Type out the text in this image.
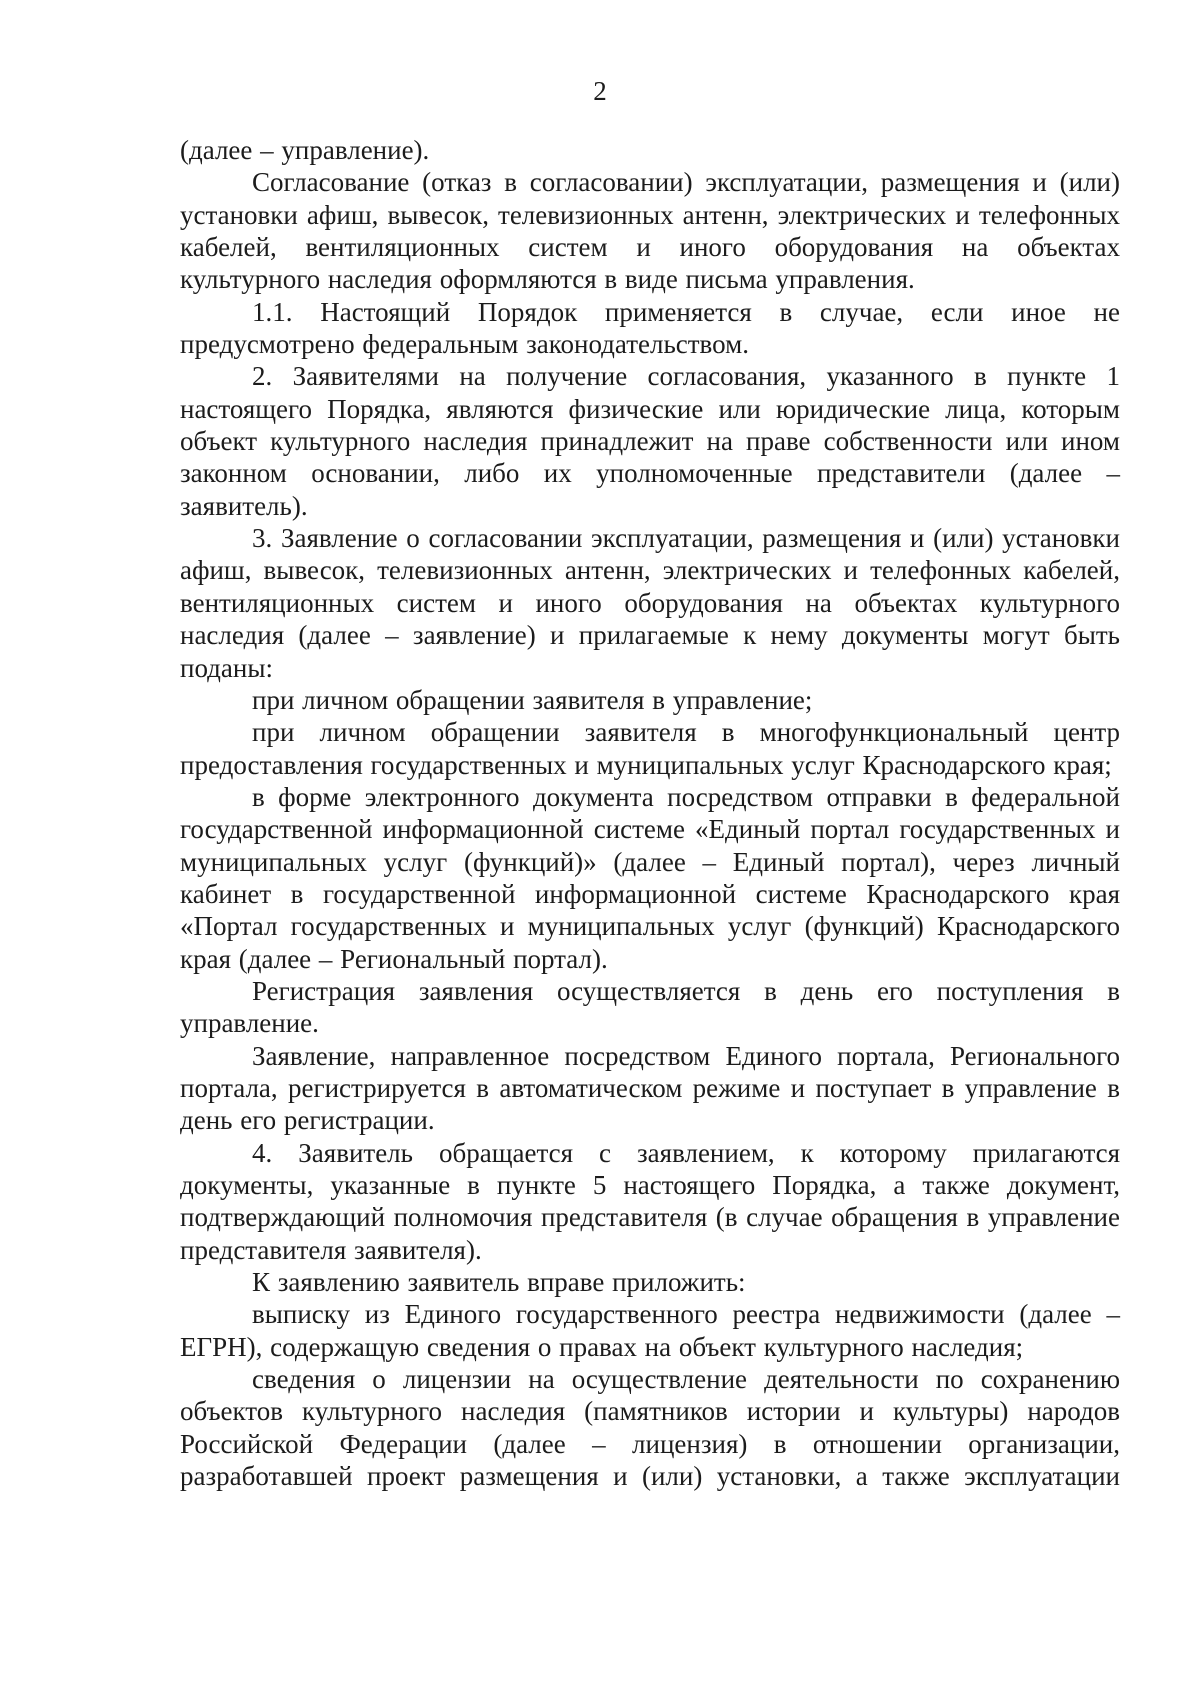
2

(далее – управление).

Согласование (отказ в согласовании) эксплуатации, размещения и (или) установки афиш, вывесок, телевизионных антенн, электрических и телефонных кабелей, вентиляционных систем и иного оборудования на объектах культурного наследия оформляются в виде письма управления.

1.1. Настоящий Порядок применяется в случае, если иное не предусмотрено федеральным законодательством.

2. Заявителями на получение согласования, указанного в пункте 1 настоящего Порядка, являются физические или юридические лица, которым объект культурного наследия принадлежит на праве собственности или ином законном основании, либо их уполномоченные представители (далее – заявитель).

3. Заявление о согласовании эксплуатации, размещения и (или) установки афиш, вывесок, телевизионных антенн, электрических и телефонных кабелей, вентиляционных систем и иного оборудования на объектах культурного наследия (далее – заявление) и прилагаемые к нему документы могут быть поданы:

при личном обращении заявителя в управление;

при личном обращении заявителя в многофункциональный центр предоставления государственных и муниципальных услуг Краснодарского края;

в форме электронного документа посредством отправки в федеральной государственной информационной системе «Единый портал государственных и муниципальных услуг (функций)» (далее – Единый портал), через личный кабинет в государственной информационной системе Краснодарского края «Портал государственных и муниципальных услуг (функций) Краснодарского края (далее – Региональный портал).

Регистрация заявления осуществляется в день его поступления в управление.

Заявление, направленное посредством Единого портала, Регионального портала, регистрируется в автоматическом режиме и поступает в управление в день его регистрации.

4. Заявитель обращается с заявлением, к которому прилагаются документы, указанные в пункте 5 настоящего Порядка, а также документ, подтверждающий полномочия представителя (в случае обращения в управление представителя заявителя).

К заявлению заявитель вправе приложить:

выписку из Единого государственного реестра недвижимости (далее – ЕГРН), содержащую сведения о правах на объект культурного наследия;

сведения о лицензии на осуществление деятельности по сохранению объектов культурного наследия (памятников истории и культуры) народов Российской Федерации (далее – лицензия) в отношении организации, разработавшей проект размещения и (или) установки, а также эксплуатации
